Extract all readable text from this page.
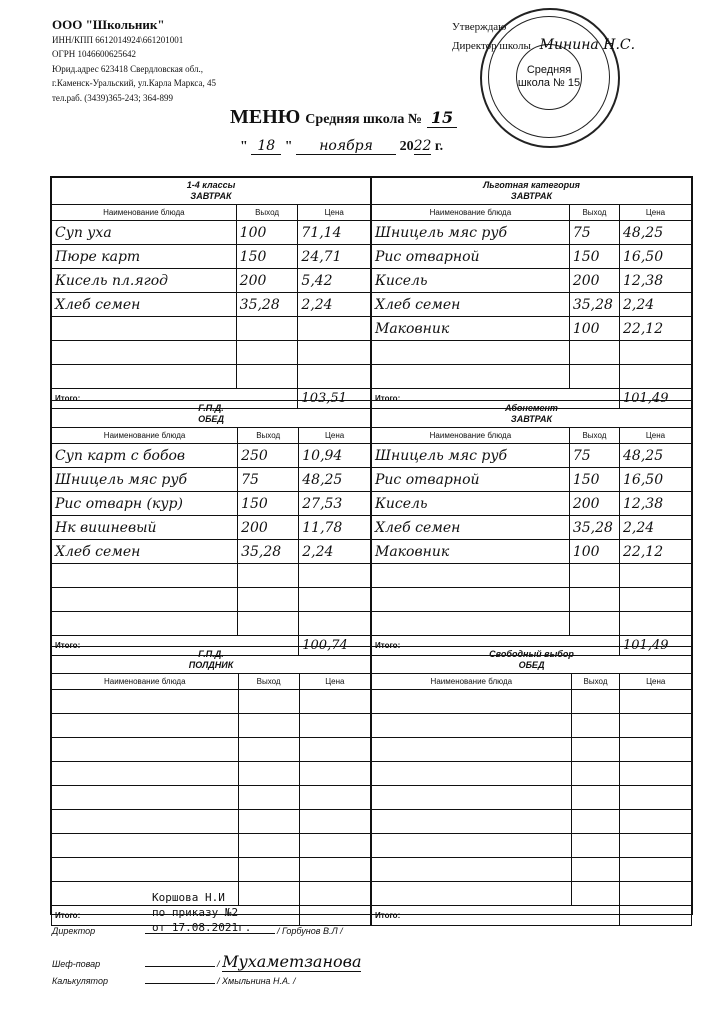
ООО "Школьник"
ИНН/КПП 6612014924\661201001
ОГРН 1046600625642
Юрид.адрес 623418 Свердловская обл.,
г.Каменск-Уральский, ул.Карла Маркса, 45
тел.раб. (3439)365-243; 364-899
Средняя школа № 15
Утверждаю
Директор школы Минина Н.С.
МЕНЮ Средняя школа № 15
" 18 " ноября 2022 г.
1-4 классы
ЗАВТРАК		

Наименование блюда	Выход	Цена
Суп уха	100	71,14
Пюре карт	150	24,71
Кисель пл.ягод	200	5,42
Хлеб семен	35,28	2,24

Итого:		103,51
Льготная категория
ЗАВТРАК		

Наименование блюда	Выход	Цена
Шницель мяс руб	75	48,25
Рис отварной	150	16,50
Кисель	200	12,38
Хлеб семен	35,28	2,24
Маковник	100	22,12

Итого:		101,49
Г.П.Д.
ОБЕД		

Наименование блюда	Выход	Цена
Суп карт с бобов	250	10,94
Шницель мяс руб	75	48,25
Рис отварн (кур)	150	27,53
Нк вишневый	200	11,78
Хлеб семен	35,28	2,24

Итого:		100,74
Абонемент
ЗАВТРАК		

Наименование блюда	Выход	Цена
Шницель мяс руб	75	48,25
Рис отварной	150	16,50
Кисель	200	12,38
Хлеб семен	35,28	2,24
Маковник	100	22,12

Итого:		101,49
Г.П.Д.
ПОЛДНИК		

Наименование блюда	Выход	Цена

Итого:		
Свободный выбор
ОБЕД		

Наименование блюда	Выход	Цена

Итого:		
Коршова Н.И
по приказу №2
от 17.08.2021г.
Директор	/ Горбунов В.Л /
Шеф-повар	/ Мухаметзанова
Калькулятор	/ Хмыльнина Н.А. /
